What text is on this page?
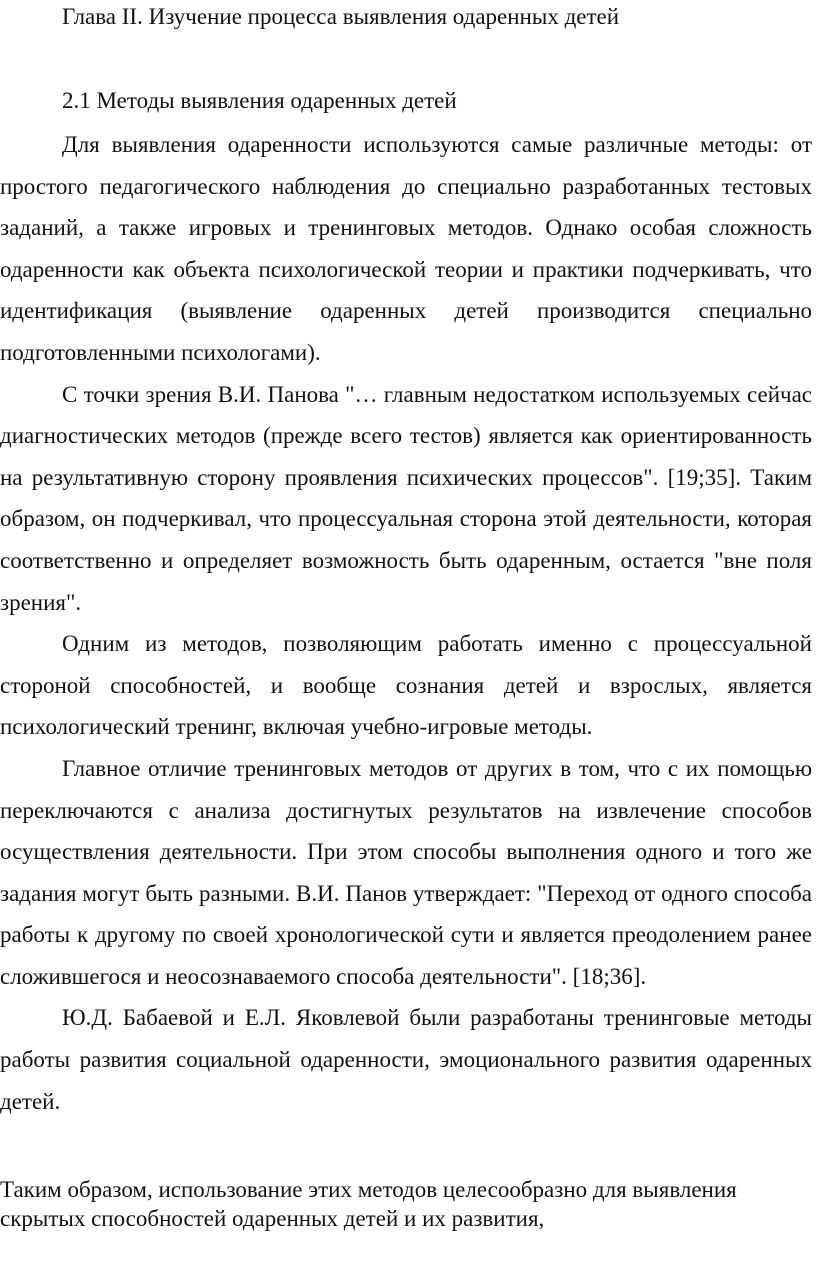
Глава II. Изучение процесса выявления одаренных детей
2.1 Методы выявления одаренных детей

Для выявления одаренности используются самые различные методы: от простого педагогического наблюдения до специально разработанных тестовых заданий, а также игровых и тренинговых методов. Однако особая сложность одаренности как объекта психологической теории и практики подчеркивать, что идентификация (выявление одаренных детей производится специально подготовленными психологами).

С точки зрения В.И. Панова "… главным недостатком используемых сейчас диагностических методов (прежде всего тестов) является как ориентированность на результативную сторону проявления психических процессов". [19;35]. Таким образом, он подчеркивал, что процессуальная сторона этой деятельности, которая соответственно и определяет возможность быть одаренным, остается "вне поля зрения".

Одним из методов, позволяющим работать именно с процессуальной стороной способностей, и вообще сознания детей и взрослых, является психологический тренинг, включая учебно-игровые методы.

Главное отличие тренинговых методов от других в том, что с их помощью переключаются с анализа достигнутых результатов на извлечение способов осуществления деятельности. При этом способы выполнения одного и того же задания могут быть разными. В.И. Панов утверждает: "Переход от одного способа работы к другому по своей хронологической сути и является преодолением ранее сложившегося и неосознаваемого способа деятельности". [18;36].

Ю.Д. Бабаевой и Е.Л. Яковлевой были разработаны тренинговые методы работы развития социальной одаренности, эмоционального развития одаренных детей.

Таким образом, использование этих методов целесообразно для выявления скрытых способностей одаренных детей и их развития,
